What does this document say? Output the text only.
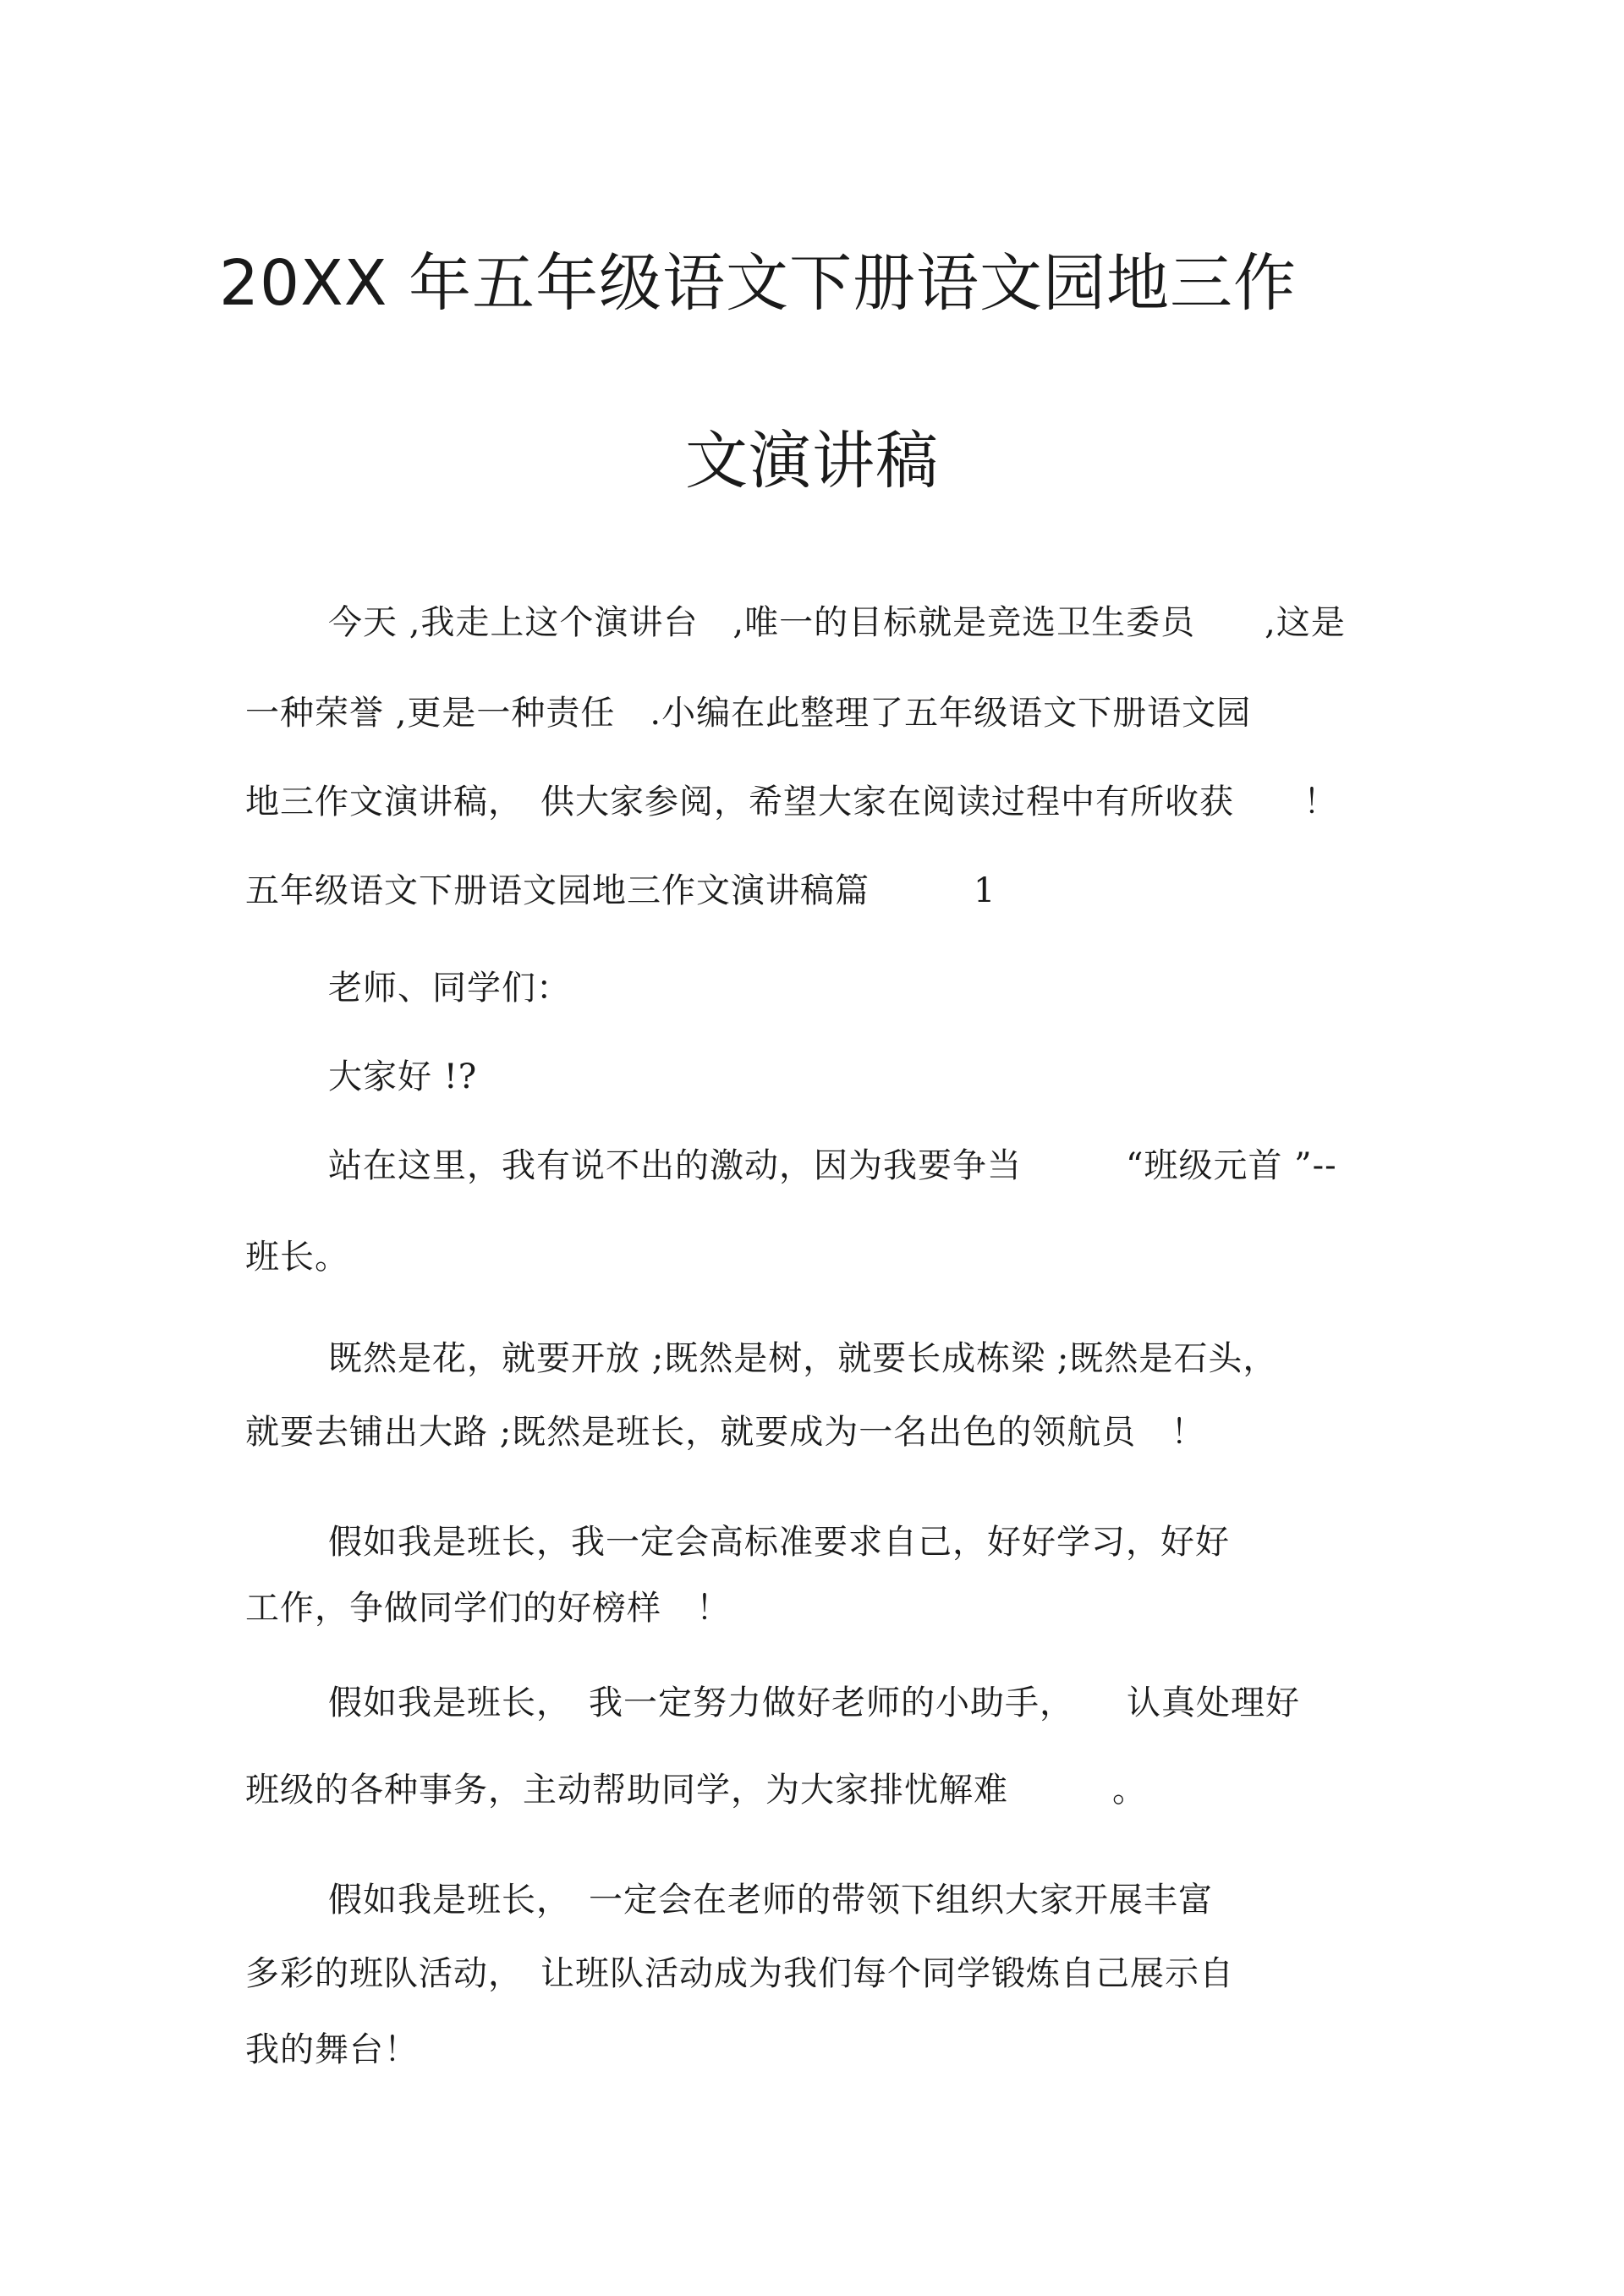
20XX 年五年级语文下册语文园地三作
文演讲稿
今天 ,我走上这个演讲台　,唯一的目标就是竞选卫生委员　　,这是
一种荣誉 ,更是一种责任　.小编在此整理了五年级语文下册语文园
地三作文演讲稿，　供大家参阅，希望大家在阅读过程中有所收获　　！
五年级语文下册语文园地三作文演讲稿篇　　　1
老师、同学们：
大家好 !?
站在这里，我有说不出的激动，因为我要争当　　　“班级元首 ”--
班长。
既然是花，就要开放 ;既然是树，就要长成栋梁 ;既然是石头，
就要去铺出大路 ;既然是班长，就要成为一名出色的领航员　！
假如我是班长，我一定会高标准要求自己，好好学习，好好
工作，争做同学们的好榜样　！
假如我是班长，　我一定努力做好老师的小助手，　　认真处理好
班级的各种事务，主动帮助同学，为大家排忧解难　　　。
假如我是班长，　一定会在老师的带领下组织大家开展丰富
多彩的班队活动，　让班队活动成为我们每个同学锻炼自己展示自
我的舞台！
